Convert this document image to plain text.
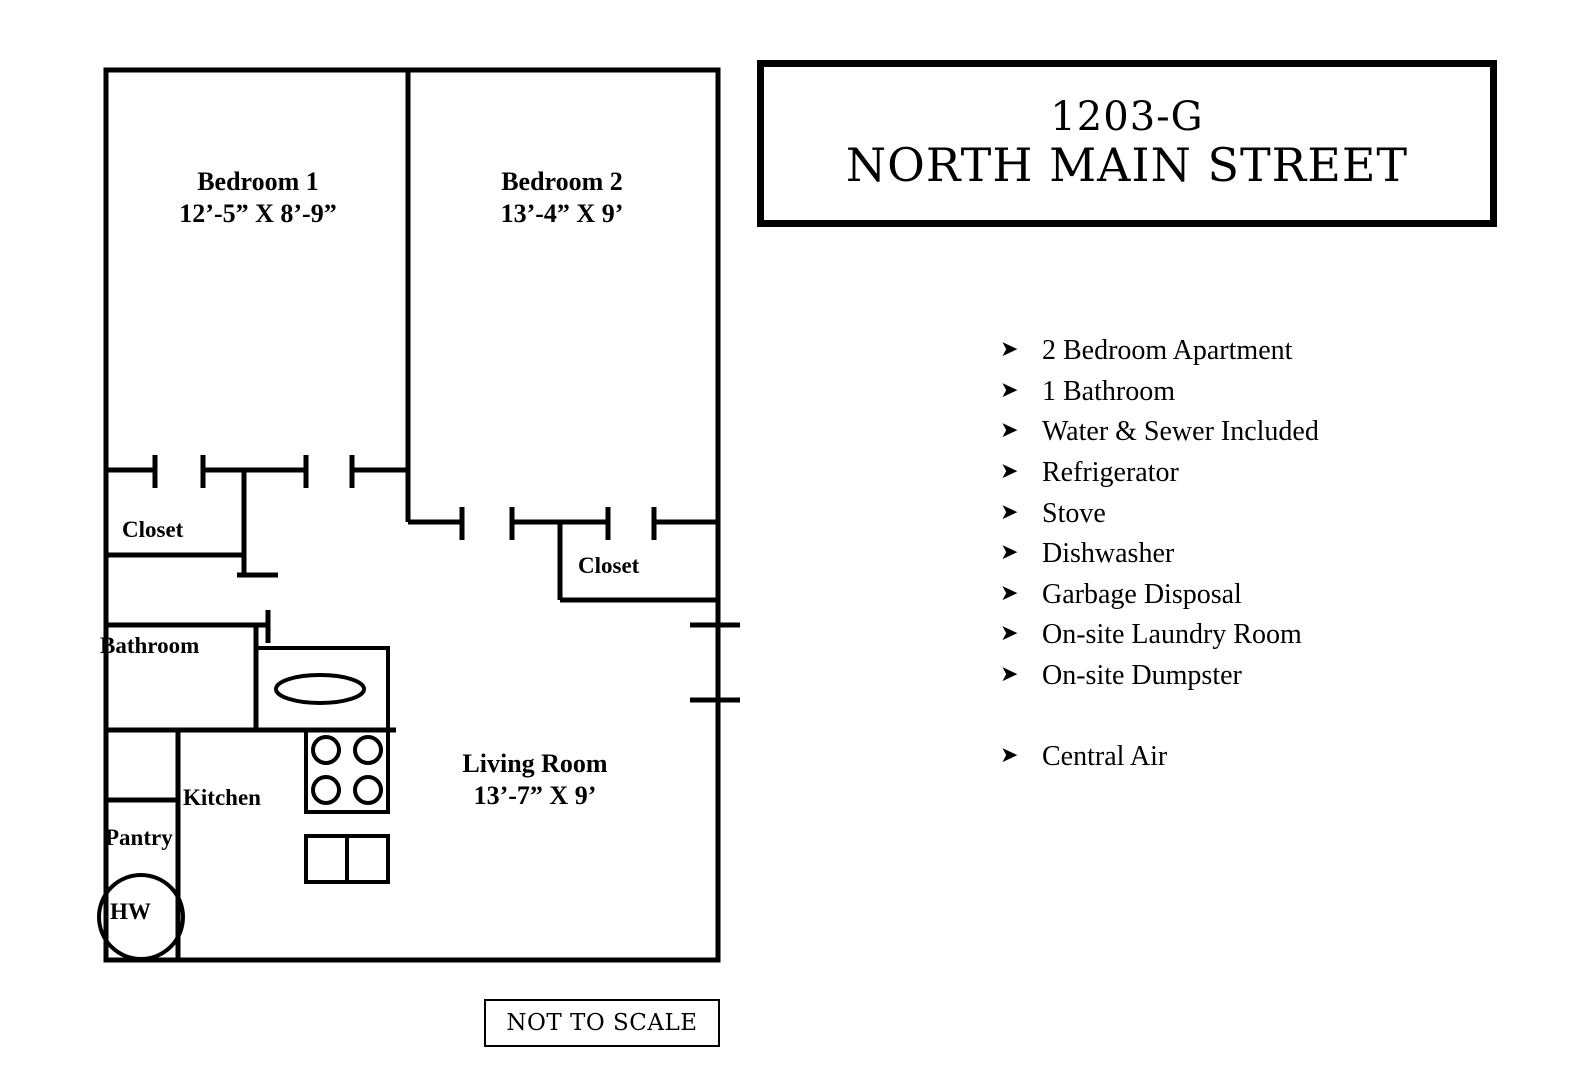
Bedroom 1
12’-5” X 8’-9”
Bedroom 2
13’-4” X 9’
Living Room
13’-7” X 9’
Closet
Closet
Bathroom
Kitchen
Pantry
HW
NOT TO SCALE
1203-G
NORTH MAIN STREET
➤ 2 Bedroom Apartment
➤ 1 Bathroom
➤ Water & Sewer Included
➤ Refrigerator
➤ Stove
➤ Dishwasher
➤ Garbage Disposal
➤ On-site Laundry Room
➤ On-site Dumpster
➤ Central Air
